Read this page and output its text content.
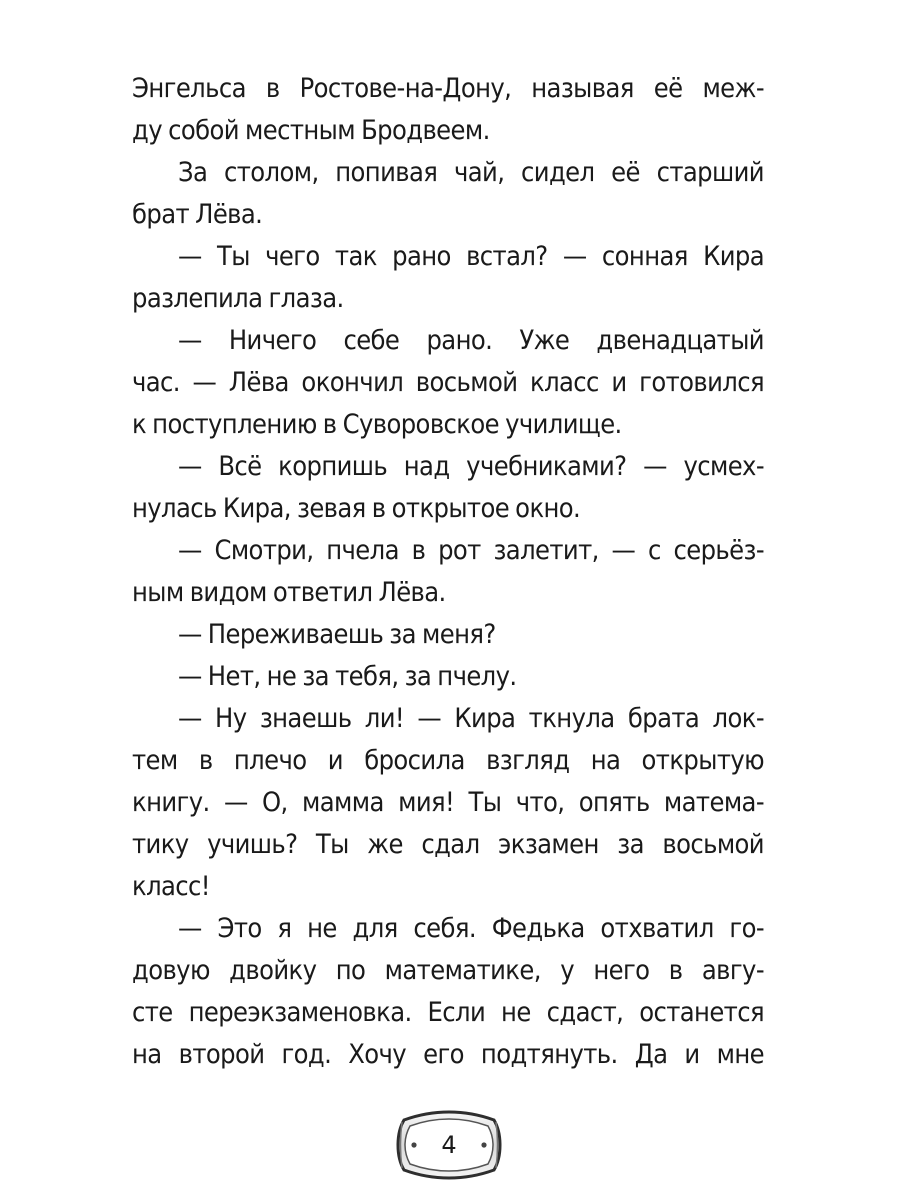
Энгельса в Ростове-на-Дону, называя её меж-
ду собой местным Бродвеем.
За столом, попивая чай, сидел её старший
брат Лёва.
— Ты чего так рано встал? — сонная Кира
разлепила глаза.
— Ничего себе рано. Уже двенадцатый
час. — Лёва окончил восьмой класс и готовился
к поступлению в Суворовское училище.
— Всё корпишь над учебниками? — усмех-
нулась Кира, зевая в открытое окно.
— Смотри, пчела в рот залетит, — с серьёз-
ным видом ответил Лёва.
— Переживаешь за меня?
— Нет, не за тебя, за пчелу.
— Ну знаешь ли! — Кира ткнула брата лок-
тем в плечо и бросила взгляд на открытую
книгу. — О, мамма мия! Ты что, опять матема-
тику учишь? Ты же сдал экзамен за восьмой
класс!
— Это я не для себя. Федька отхватил го-
довую двойку по математике, у него в авгу-
сте переэкзаменовка. Если не сдаст, останется
на второй год. Хочу его подтянуть. Да и мне
4
